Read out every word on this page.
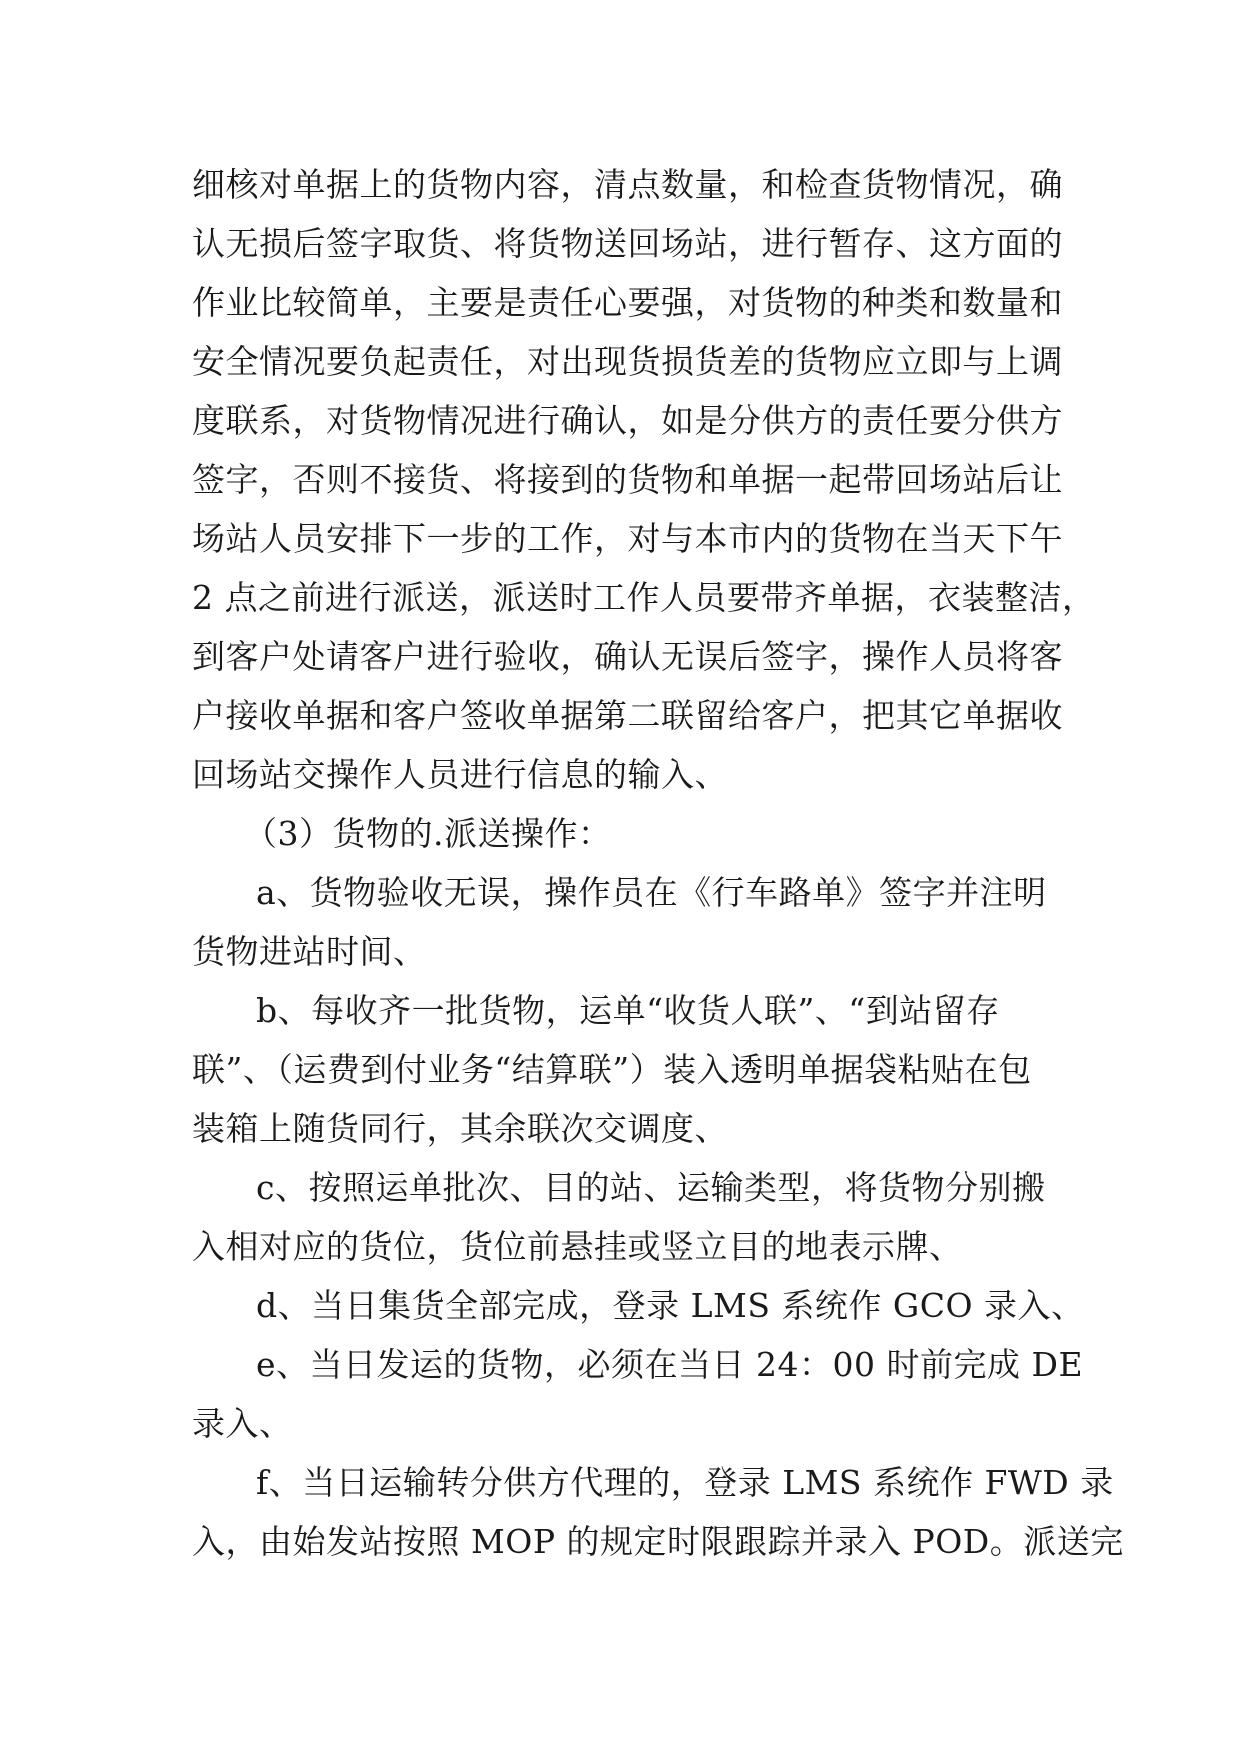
细核对单据上的货物内容，清点数量，和检查货物情况，确
认无损后签字取货、将货物送回场站，进行暂存、这方面的
作业比较简单，主要是责任心要强，对货物的种类和数量和
安全情况要负起责任，对出现货损货差的货物应立即与上调
度联系，对货物情况进行确认，如是分供方的责任要分供方
签字，否则不接货、将接到的货物和单据一起带回场站后让
场站人员安排下一步的工作，对与本市内的货物在当天下午
2 点之前进行派送，派送时工作人员要带齐单据，衣装整洁，
到客户处请客户进行验收，确认无误后签字，操作人员将客
户接收单据和客户签收单据第二联留给客户，把其它单据收
回场站交操作人员进行信息的输入、
（3）货物的.派送操作：
a、货物验收无误，操作员在《行车路单》签字并注明
货物进站时间、
b、每收齐一批货物，运单“收货人联”、“到站留存
联”、（运费到付业务“结算联”）装入透明单据袋粘贴在包
装箱上随货同行，其余联次交调度、
c、按照运单批次、目的站、运输类型，将货物分别搬
入相对应的货位，货位前悬挂或竖立目的地表示牌、
d、当日集货全部完成，登录 LMS 系统作 GCO 录入、
e、当日发运的货物，必须在当日 24：00 时前完成 DE
录入、
f、当日运输转分供方代理的，登录 LMS 系统作 FWD 录
入，由始发站按照 MOP 的规定时限跟踪并录入 POD。派送完
